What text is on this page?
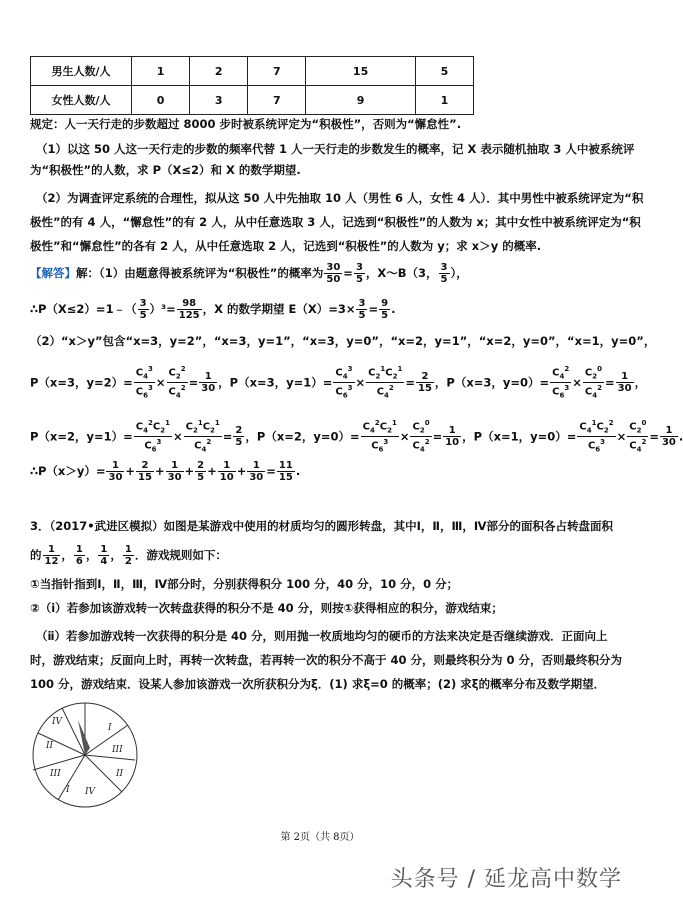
男生人数/人	1	2	7	15	5
女性人数/人	0	3	7	9	1
规定：人一天行走的步数超过 8000 步时被系统评定为“积极性”，否则为“懈怠性”.
（1）以这 50 人这一天行走的步数的频率代替 1 人一天行走的步数发生的概率，记 X 表示随机抽取 3 人中被系统评
为“积极性”的人数，求 P（X≤2）和 X 的数学期望.
（2）为调查评定系统的合理性，拟从这 50 人中先抽取 10 人（男性 6 人，女性 4 人）．其中男性中被系统评定为“积
极性”的有 4 人，“懈怠性”的有 2 人，从中任意选取 3 人，记选到“积极性”的人数为 x；其中女性中被系统评定为“积
极性”和“懈怠性”的各有 2 人，从中任意选取 2 人，记选到“积极性”的人数为 y；求 x＞y 的概率.
【解答】解：（1）由题意得被系统评为“积极性”的概率为 $\frac{30}{50} = \frac{3}{5}$ ，X～B（3， $\frac{3}{5}$ ），
∴P（X≤2）=1﹣（ $\frac{3}{5} )^3= \frac{98}{125}$ ，X 的数学期望 $E(X)=3\times \frac{3}{5} = \frac{9}{5}$ .
（2）“x＞y”包含“x=3，y=2”，“x=3，y=1”，“x=3，y=0”，“x=2，y=1”，“x=2，y=0”，“x=1，y=0”，
P（x=3，$y=2)= \frac{C_4^3}{C_6^3} \times \frac{C_2^2}{C_4^2} = \frac{1}{30}$ ，P（x=3，$y=1)= \frac{C_4^3}{C_6^3} \times \frac{C_2^1C_2^1}{C_4^2} = \frac{2}{15}$ ，P（x=3，$y=0)= \frac{C_4^2}{C_6^3} \times \frac{C_2^0}{C_4^2} = \frac{1}{30}$ ，
P（x=2，$y=1)= \frac{C_4^2C_2^1}{C_6^3} \times \frac{C_2^1C_2^1}{C_4^2} = \frac{2}{5}$ ，P（x=2，$y=0)= \frac{C_4^2C_2^1}{C_6^3} \times \frac{C_2^0}{C_4^2} = \frac{1}{10}$ ，P（x=1，$y=0)= \frac{C_4^1C_2^2}{C_6^3} \times \frac{C_2^0}{C_4^2} = \frac{1}{30}$ .
∴P（x＞y）= $\frac{1}{30} + \frac{2}{15} + \frac{1}{30} + \frac{2}{5} + \frac{1}{10} + \frac{1}{30} = \frac{11}{15}$ .
3．（2017•武进区模拟）如图是某游戏中使用的材质均匀的圆形转盘，其中Ⅰ，Ⅱ，Ⅲ，Ⅳ部分的面积各占转盘面积
的 $\frac{1}{12}$ ， $\frac{1}{6}$ ， $\frac{1}{4}$ ， $\frac{1}{2}$ ．游戏规则如下：
①当指针指到Ⅰ，Ⅱ，Ⅲ，Ⅳ部分时，分别获得积分 100 分，40 分，10 分，0 分；
②（ⅰ）若参加该游戏转一次转盘获得的积分不是 40 分，则按①获得相应的积分，游戏结束；
（ⅱ）若参加游戏转一次获得的积分是 40 分，则用抛一枚质地均匀的硬币的方法来决定是否继续游戏．正面向上
时，游戏结束；反面向上时，再转一次转盘，若再转一次的积分不高于 40 分，则最终积分为 0 分，否则最终积分为
100 分，游戏结束．设某人参加该游戏一次所获积分为ξ．(1) 求ξ=0 的概率；(2) 求ξ的概率分布及数学期望．
IV
I
II	III
III	II
I IV
第 2页（共 8页）
头条号 / 延龙高中数学
